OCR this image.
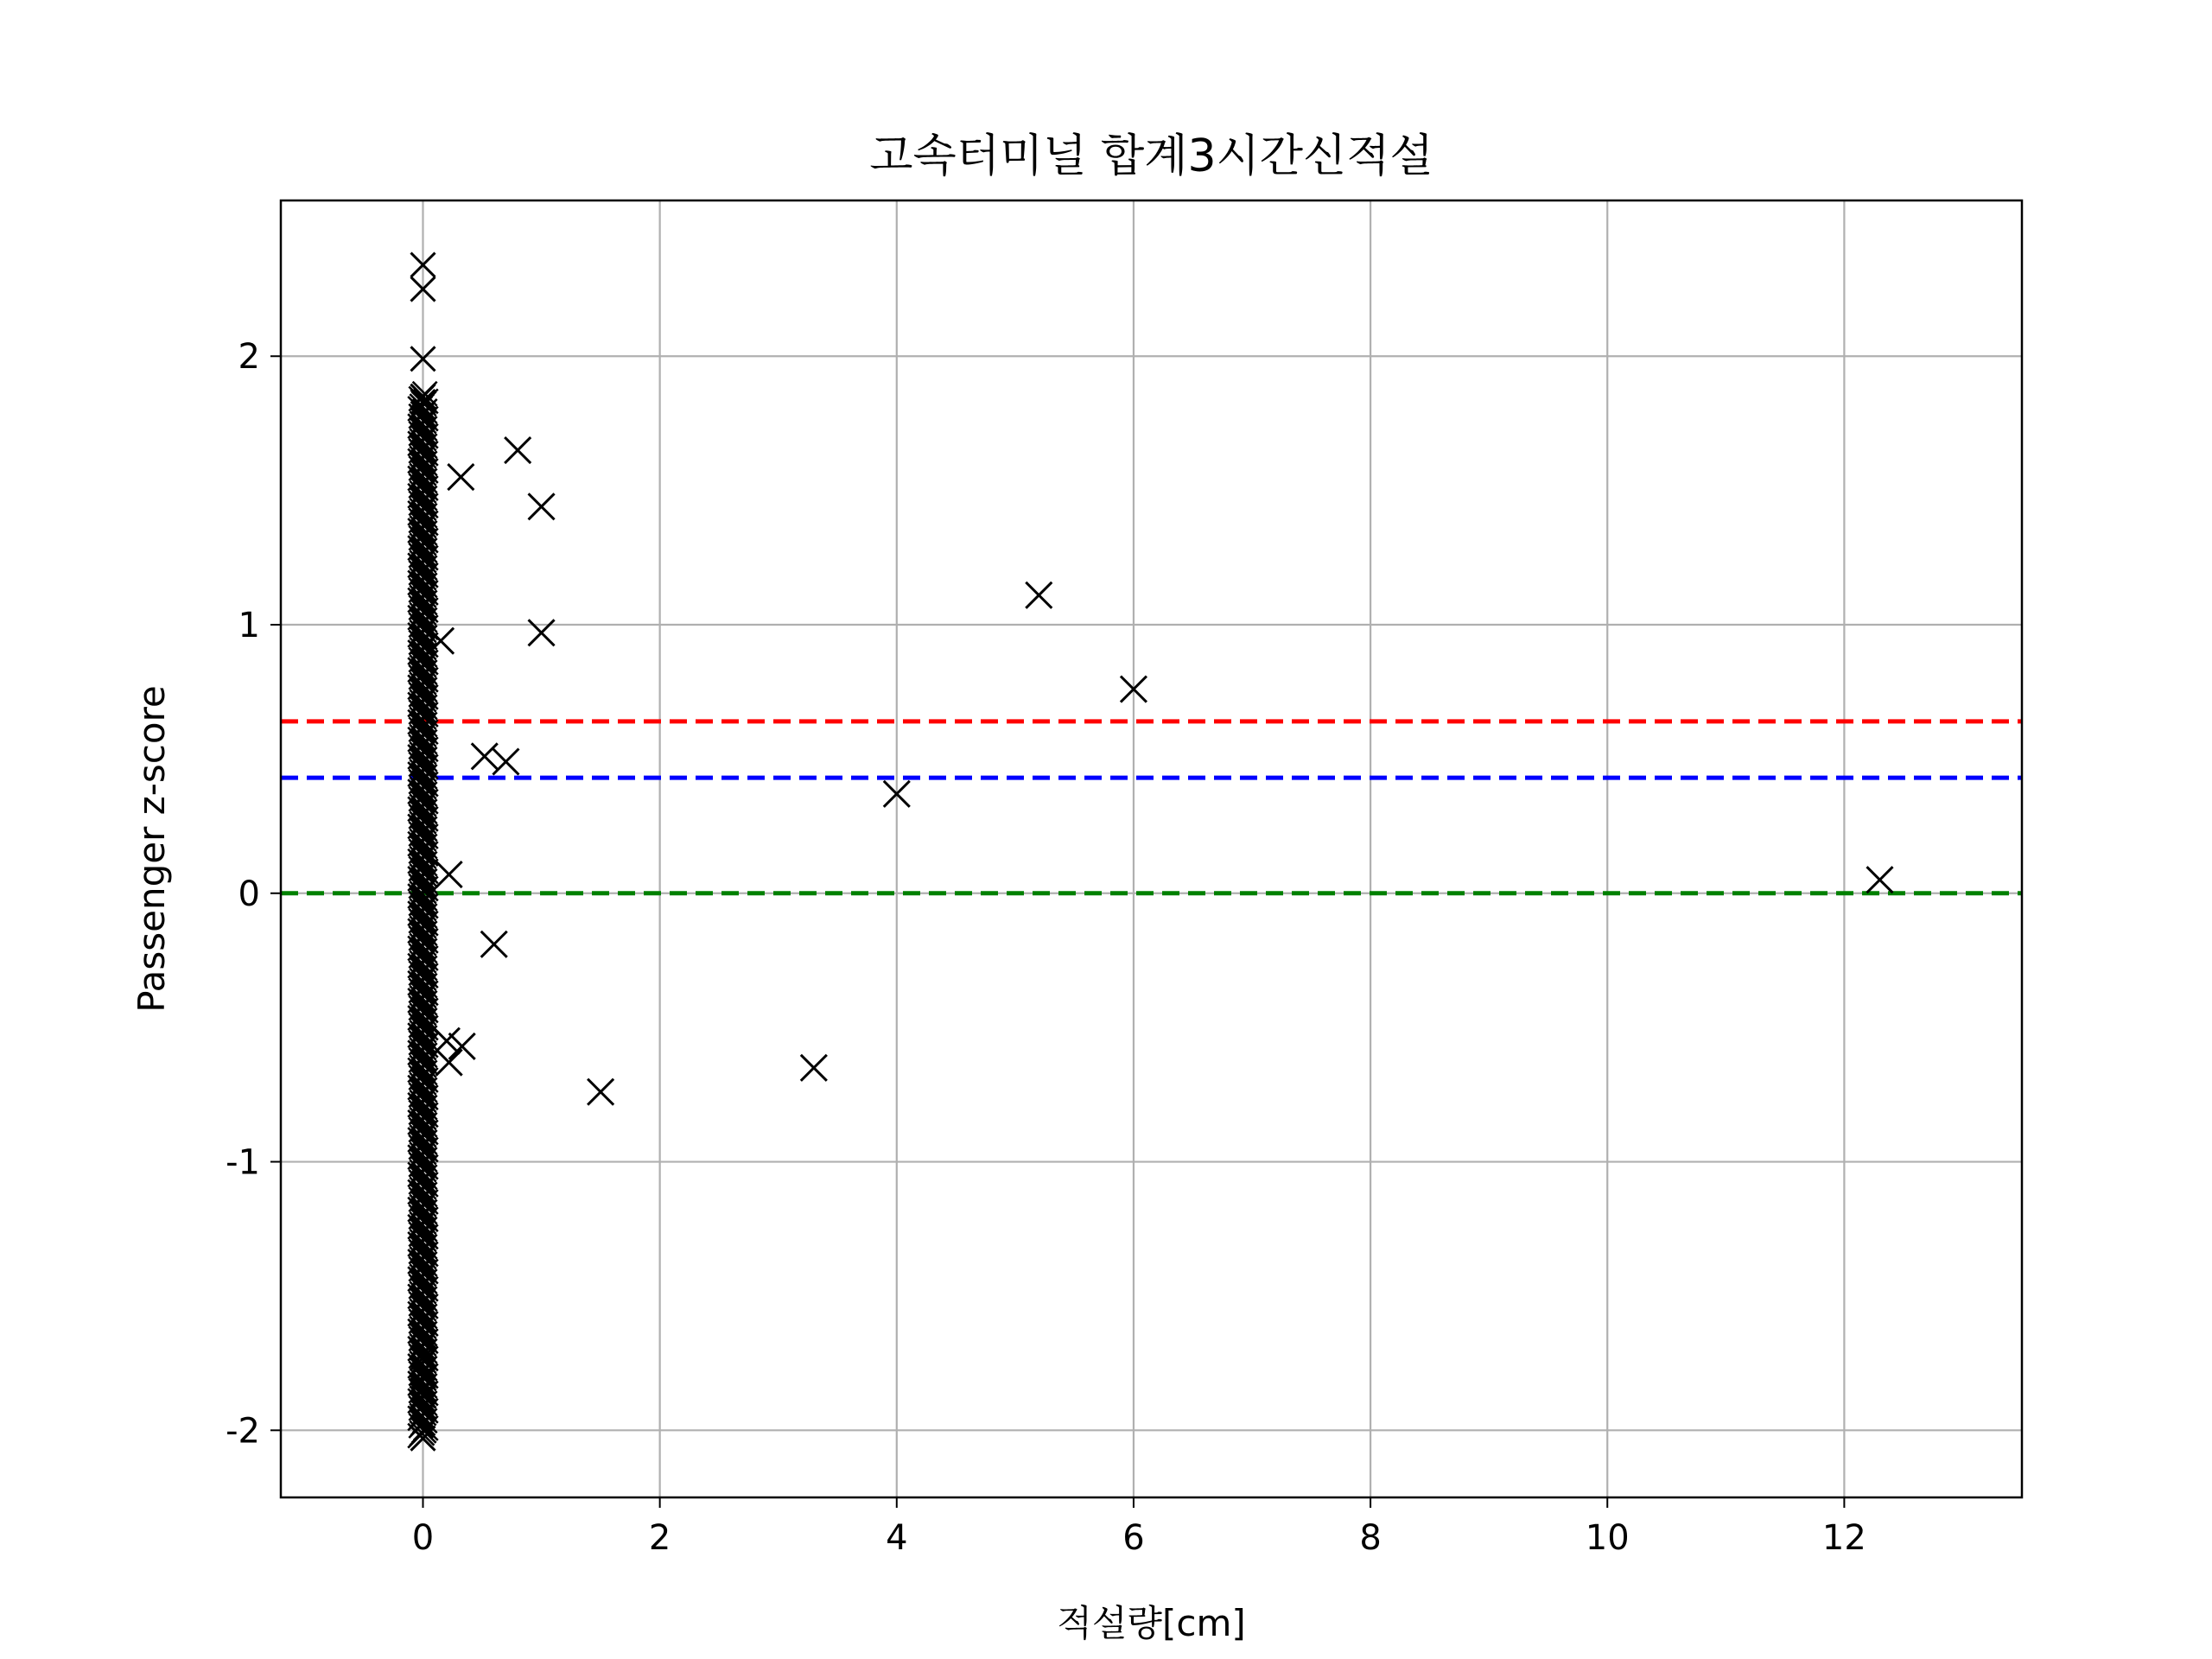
0	2	4	6	8	10	12
-2
-1
0
1
2
고속터미널 합계3시간신적설
적설량[cm]
Passenger z-score
